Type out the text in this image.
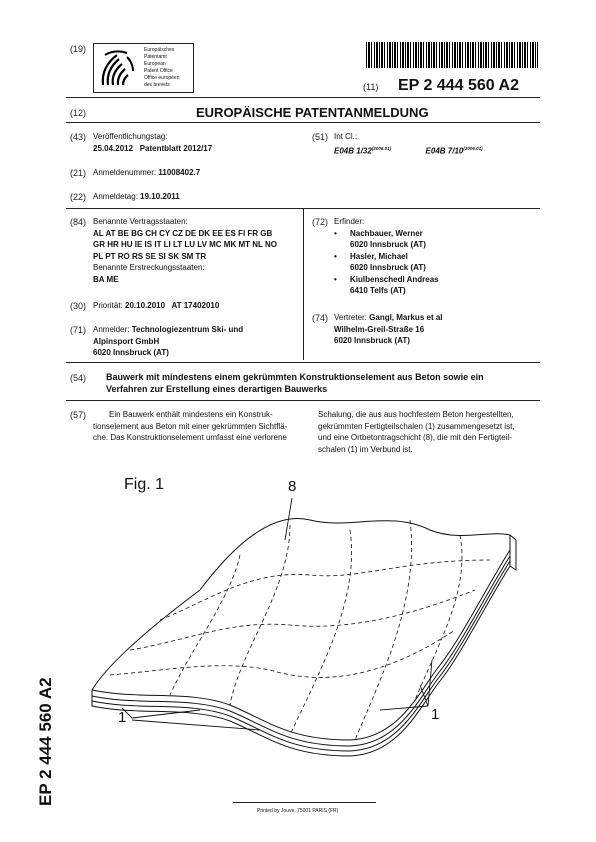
(19)	Europäisches
Patentamt
European
Patent Office
Office européen
des brevets	(11) EP 2 444 560 A2
(12)	EUROPÄISCHE PATENTANMELDUNG
(43) Veröffentlichungstag:
25.04.2012   Patentblatt 2012/17
(51) Int Cl.:
E04B $1/32^{(2006.01)}$	E04B $7/10^{(2006.01)}$
(21) Anmeldenummer: 11008402.7
(22) Anmeldetag: 19.10.2011
(84) Benannte Vertragsstaaten:
AL AT BE BG CH CY CZ DE DK EE ES FI FR GB
GR HR HU IE IS IT LI LT LU LV MC MK MT NL NO
PL PT RO RS SE SI SK SM TR
Benannte Erstreckungsstaaten:
BA ME
(72) Erfinder:
• Nachbauer, Werner
6020 Innsbruck (AT)
• Hasler, Michael
6020 Innsbruck (AT)
• Kiulbenschedl Andreas
6410 Telfs (AT)
(30) Priorität: 20.10.2010   AT 17402010
(71) Anmelder: Technologiezentrum Ski- und
Alpinsport GmbH
6020 Innsbruck (AT)
(74) Vertreter: Gangl, Markus et al
Wilhelm-Greil-Straße 16
6020 Innsbruck (AT)
(54) Bauwerk mit mindestens einem gekrümmten Konstruktionselement aus Beton sowie ein
Verfahren zur Erstellung eines derartigen Bauwerks
(57)	Ein Bauwerk enthält mindestens ein Konstruk-

tionselement aus Beton mit einer gekrümmten Sichtflä-

che. Das Konstruktionselement umfasst eine verlorene

Schalung, die aus aus hochfestem Beton hergestellten,

gekrümmten Fertigteilschalen (1) zusammengesetzt ist,

und eine Ortbetontragschicht (8), die mit den Fertigteil-

schalen (1) im Verbund ist.

Fig. 1	8
1	1
EP 2 444 560 A2
Printed by Jouve, 75001 PARIS (FR)
